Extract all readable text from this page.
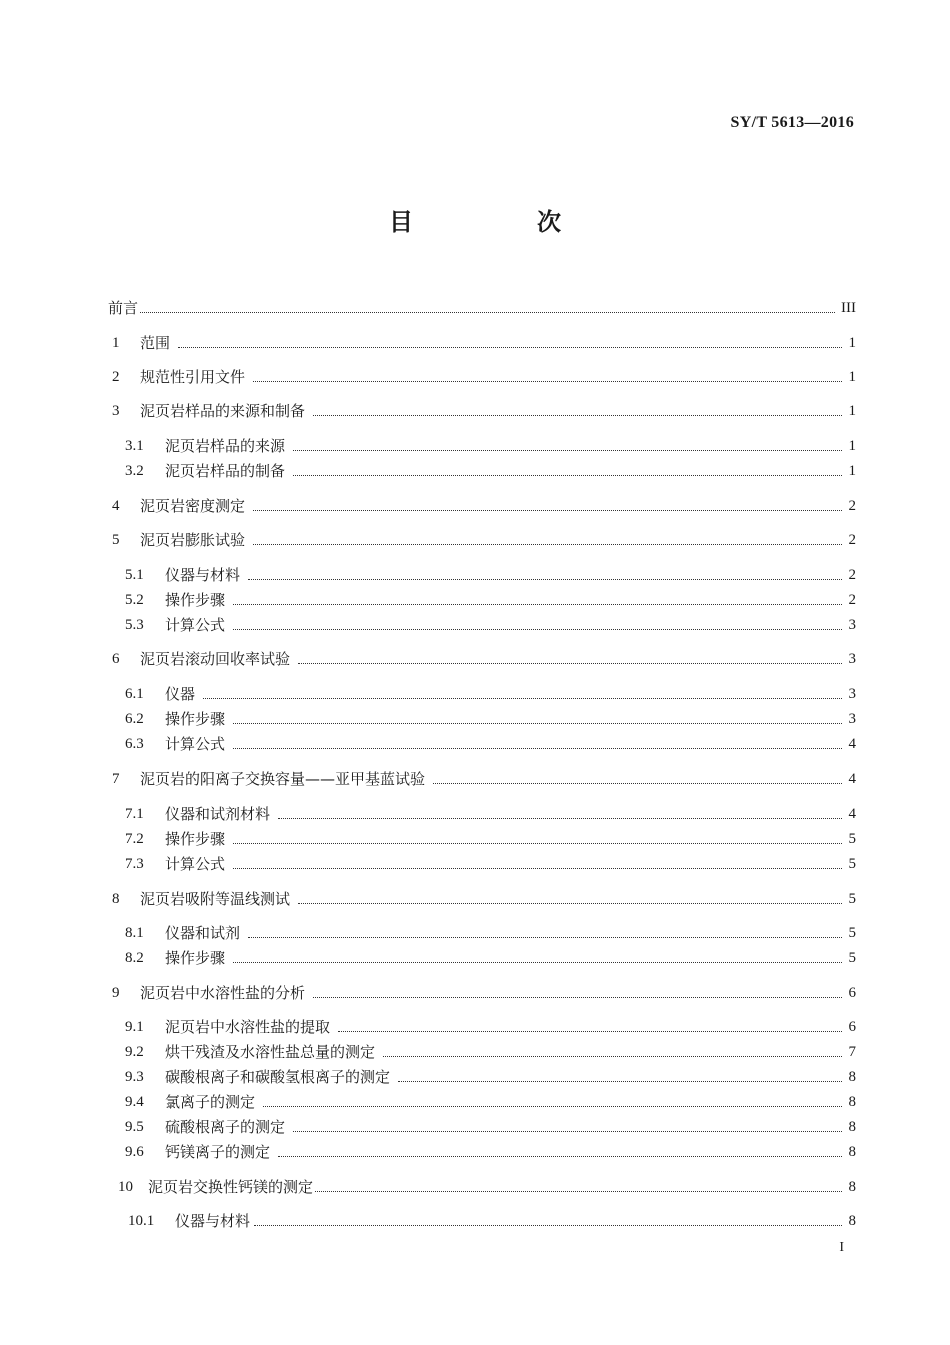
SY/T 5613—2016
目　次
前言	III
1	范围	1
2	规范性引用文件	1
3	泥页岩样品的来源和制备	1
3.1	泥页岩样品的来源	1
3.2	泥页岩样品的制备	1
4	泥页岩密度测定	2
5	泥页岩膨胀试验	2
5.1	仪器与材料	2
5.2	操作步骤	2
5.3	计算公式	3
6	泥页岩滚动回收率试验	3
6.1	仪器	3
6.2	操作步骤	3
6.3	计算公式	4
7	泥页岩的阳离子交换容量——亚甲基蓝试验	4
7.1	仪器和试剂材料	4
7.2	操作步骤	5
7.3	计算公式	5
8	泥页岩吸附等温线测试	5
8.1	仪器和试剂	5
8.2	操作步骤	5
9	泥页岩中水溶性盐的分析	6
9.1	泥页岩中水溶性盐的提取	6
9.2	烘干残渣及水溶性盐总量的测定	7
9.3	碳酸根离子和碳酸氢根离子的测定	8
9.4	氯离子的测定	8
9.5	硫酸根离子的测定	8
9.6	钙镁离子的测定	8
10	泥页岩交换性钙镁的测定	8
10.1	仪器与材料	8
I
